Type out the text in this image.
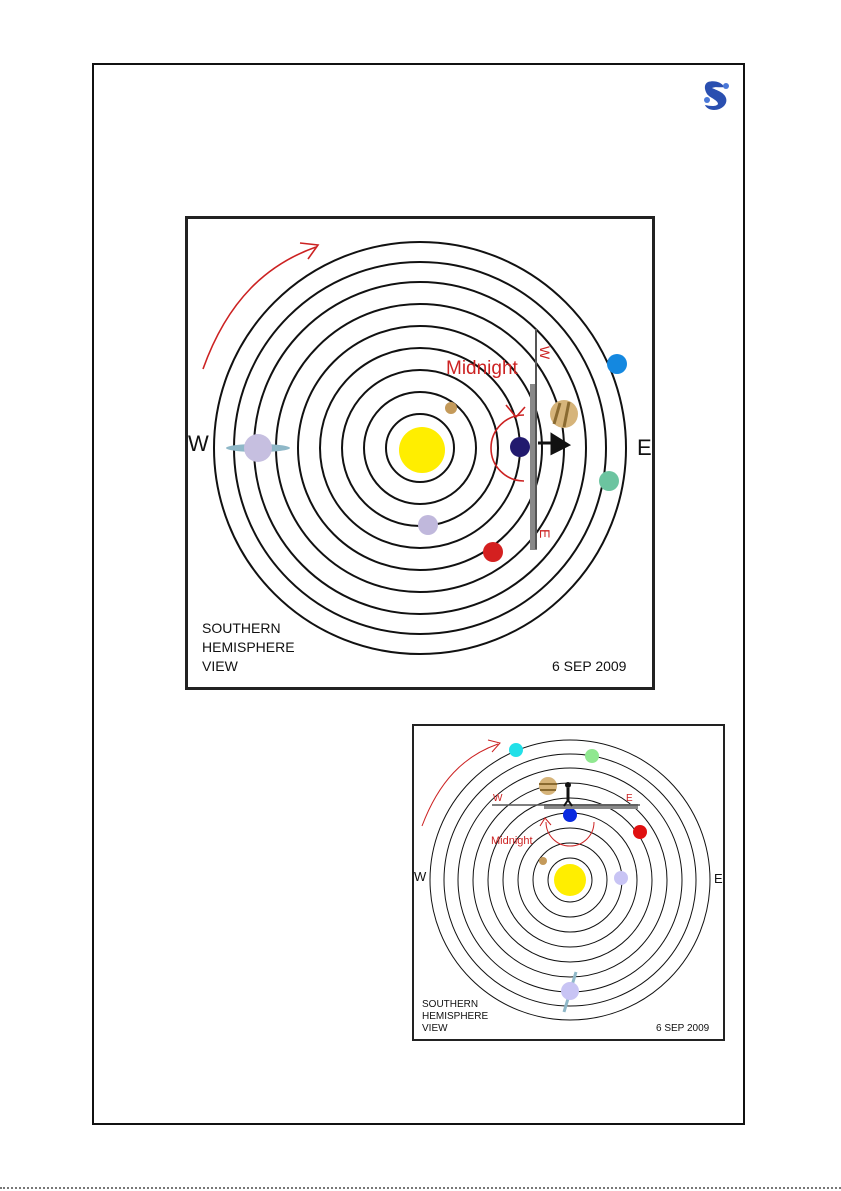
Midnight
W	E
W
E
SOUTHERN
HEMISPHERE
VIEW	6 SEP 2009
Midnight
W	E
W	E
SOUTHERN
HEMISPHERE
VIEW	6 SEP 2009
